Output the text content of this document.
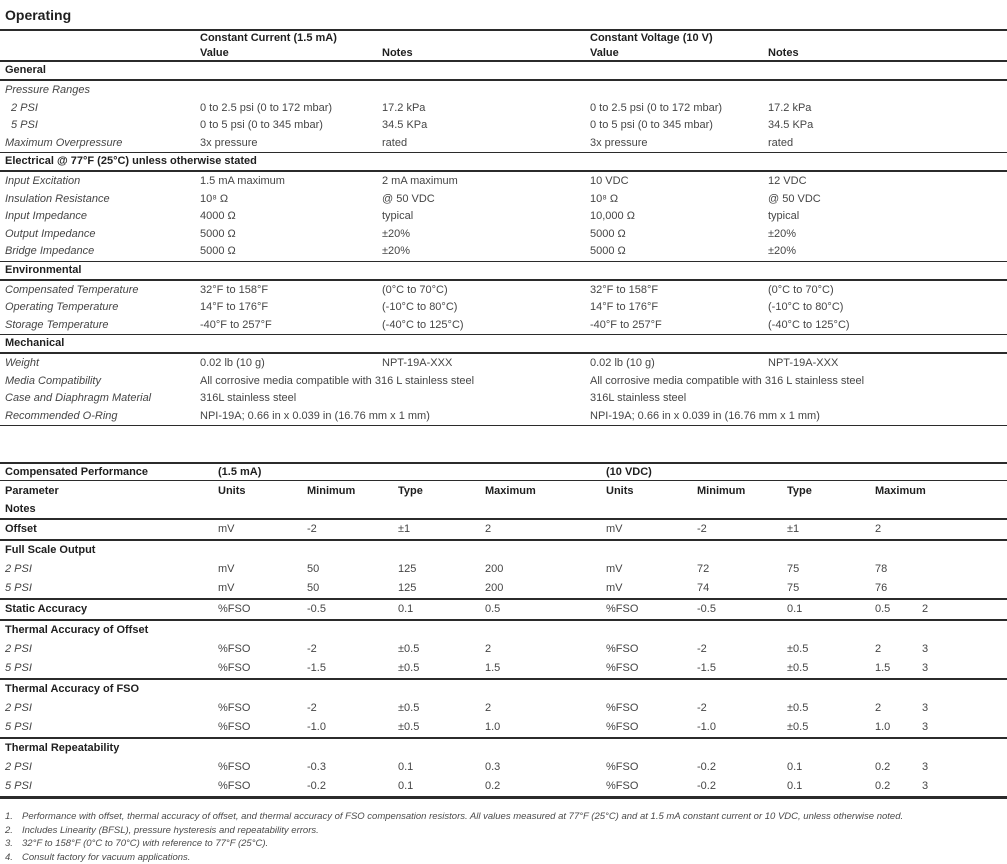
Operating
Constant Current (1.5 mA)	Constant Voltage (10 V)
Value	Notes	Value	Notes
General
Pressure Ranges
2 PSI	0 to 2.5 psi (0 to 172 mbar)	17.2 kPa	0 to 2.5 psi (0 to 172 mbar)	17.2 kPa
5 PSI	0 to 5 psi (0 to 345 mbar)	34.5 KPa	0 to 5 psi (0 to 345 mbar)	34.5 KPa
Maximum Overpressure	3x pressure	rated	3x pressure	rated
Electrical @ 77°F (25°C) unless otherwise stated
Input Excitation	1.5 mA maximum	2 mA maximum	10 VDC	12 VDC
Insulation Resistance	10⁸ Ω	@ 50 VDC	10⁸ Ω	@ 50 VDC
Input Impedance	4000 Ω	typical	10,000 Ω	typical
Output Impedance	5000 Ω	±20%	5000 Ω	±20%
Bridge Impedance	5000 Ω	±20%	5000 Ω	±20%
Environmental
Compensated Temperature	32°F to 158°F	(0°C to 70°C)	32°F to 158°F	(0°C to 70°C)
Operating Temperature	14°F to 176°F	(-10°C to 80°C)	14°F to 176°F	(-10°C to 80°C)
Storage Temperature	-40°F to 257°F	(-40°C to 125°C)	-40°F to 257°F	(-40°C to 125°C)
Mechanical
Weight	0.02 lb (10 g)	NPT-19A-XXX	0.02 lb (10 g)	NPT-19A-XXX
Media Compatibility	All corrosive media compatible with 316 L stainless steel	All corrosive media compatible with 316 L stainless steel
Case and Diaphragm Material	316L stainless steel	316L stainless steel
Recommended O-Ring	NPI-19A; 0.66 in x 0.039 in (16.76 mm x 1 mm)	NPI-19A; 0.66 in x 0.039 in (16.76 mm x 1 mm)
Compensated Performance	(1.5 mA)	(10 VDC)
Parameter	Units	Minimum	Type	Maximum	Units	Minimum	Type	Maximum
Notes
Offset	mV	-2	±1	2	mV	-2	±1	2
Full Scale Output
2 PSI	mV	50	125	200	mV	72	75	78
5 PSI	mV	50	125	200	mV	74	75	76
Static Accuracy	%FSO	-0.5	0.1	0.5	%FSO	-0.5	0.1	0.5	2
Thermal Accuracy of Offset
2 PSI	%FSO	-2	±0.5	2	%FSO	-2	±0.5	2	3
5 PSI	%FSO	-1.5	±0.5	1.5	%FSO	-1.5	±0.5	1.5	3
Thermal Accuracy of FSO
2 PSI	%FSO	-2	±0.5	2	%FSO	-2	±0.5	2	3
5 PSI	%FSO	-1.0	±0.5	1.0	%FSO	-1.0	±0.5	1.0	3
Thermal Repeatability
2 PSI	%FSO	-0.3	0.1	0.3	%FSO	-0.2	0.1	0.2	3
5 PSI	%FSO	-0.2	0.1	0.2	%FSO	-0.2	0.1	0.2	3
1. Performance with offset, thermal accuracy of offset, and thermal accuracy of FSO compensation resistors. All values measured at 77°F (25°C) and at 1.5 mA constant current or 10 VDC, unless otherwise noted.
2. Includes Linearity (BFSL), pressure hysteresis and repeatability errors.
3. 32°F to 158°F (0°C to 70°C) with reference to 77°F (25°C).
4. Consult factory for vacuum applications.
